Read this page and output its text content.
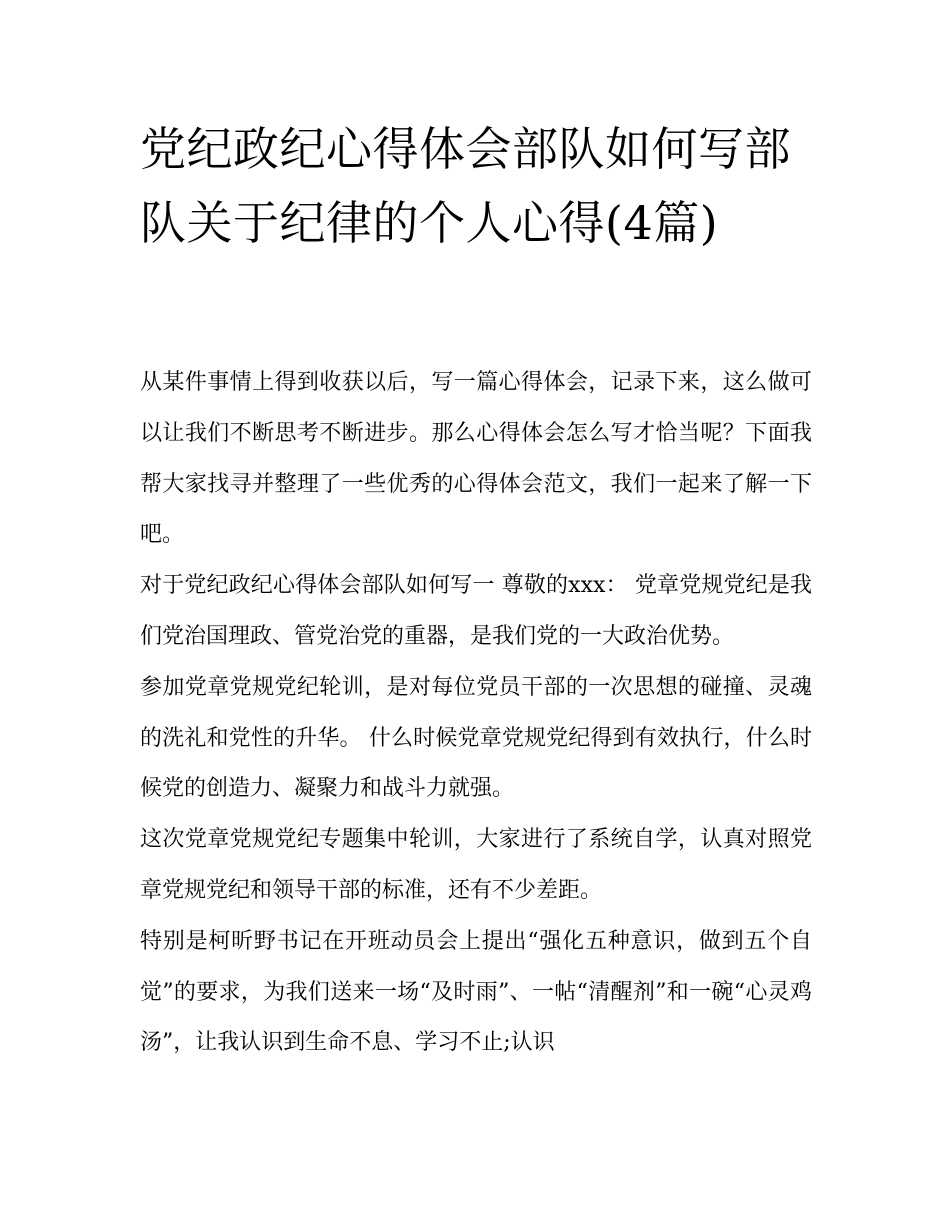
党纪政纪心得体会部队如何写部队关于纪律的个人心得(4篇)

从某件事情上得到收获以后，写一篇心得体会，记录下来，这么做可以让我们不断思考不断进步。那么心得体会怎么写才恰当呢？下面我帮大家找寻并整理了一些优秀的心得体会范文，我们一起来了解一下吧。

对于党纪政纪心得体会部队如何写一 尊敬的xxx： 党章党规党纪是我们党治国理政、管党治党的重器，是我们党的一大政治优势。

参加党章党规党纪轮训，是对每位党员干部的一次思想的碰撞、灵魂的洗礼和党性的升华。 什么时候党章党规党纪得到有效执行，什么时候党的创造力、凝聚力和战斗力就强。

这次党章党规党纪专题集中轮训，大家进行了系统自学，认真对照党章党规党纪和领导干部的标准，还有不少差距。

特别是柯昕野书记在开班动员会上提出“强化五种意识，做到五个自觉”的要求，为我们送来一场“及时雨”、一帖“清醒剂”和一碗“心灵鸡汤”，让我认识到生命不息、学习不止;认识
